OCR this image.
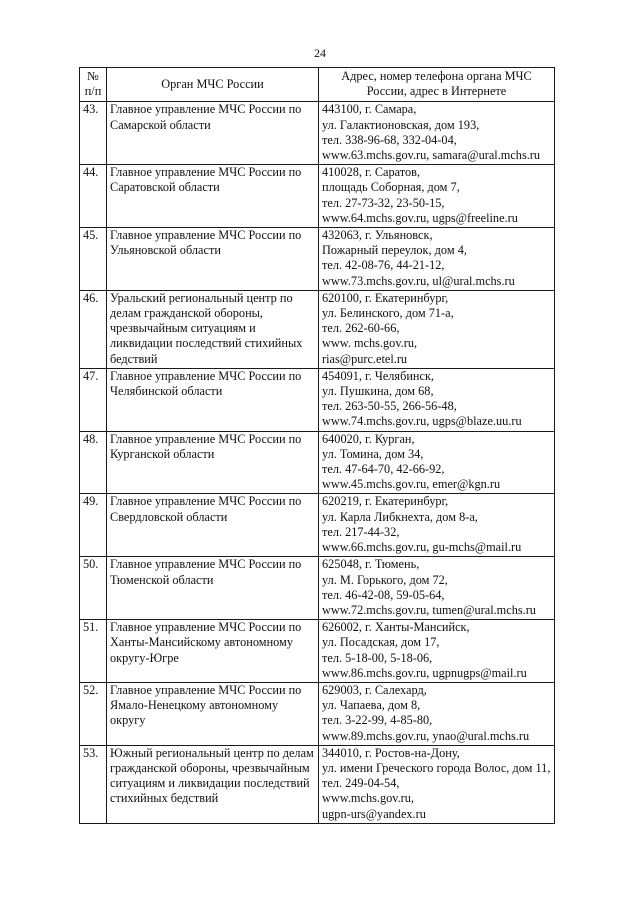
24
№
п/п	Орган МЧС России	Адрес, номер телефона органа МЧС России, адрес в Интернете
43.	Главное управление МЧС России по Самарской области	443100, г. Самара,
ул. Галактионовская, дом 193,
тел. 338-96-68, 332-04-04,
www.63.mchs.gov.ru, samara@ural.mchs.ru

44.	Главное управление МЧС России по Саратовской области	410028, г. Саратов,
площадь Соборная, дом 7,
тел. 27-73-32, 23-50-15,
www.64.mchs.gov.ru, ugps@freeline.ru

45.	Главное управление МЧС России по Ульяновской области	432063, г. Ульяновск,
Пожарный переулок, дом 4,
тел. 42-08-76, 44-21-12,
www.73.mchs.gov.ru, ul@ural.mchs.ru

46.	Уральский региональный центр по делам гражданской обороны, чрезвычайным ситуациям и ликвидации последствий стихийных бедствий	620100, г. Екатеринбург,
ул. Белинского, дом 71-а,
тел. 262-60-66,
www. mchs.gov.ru,
rias@purc.etel.ru

47.	Главное управление МЧС России по Челябинской области	454091, г. Челябинск,
ул. Пушкина, дом 68,
тел. 263-50-55, 266-56-48,
www.74.mchs.gov.ru, ugps@blaze.uu.ru

48.	Главное управление МЧС России по Курганской области	640020, г. Курган,
ул. Томина, дом 34,
тел. 47-64-70, 42-66-92,
www.45.mchs.gov.ru, emer@kgn.ru

49.	Главное управление МЧС России по Свердловской области	620219, г. Екатеринбург,
ул. Карла Либкнехта, дом 8-а,
тел. 217-44-32,
www.66.mchs.gov.ru, gu-mchs@mail.ru

50.	Главное управление МЧС России по Тюменской области	625048, г. Тюмень,
ул. М. Горького, дом 72,
тел. 46-42-08, 59-05-64,
www.72.mchs.gov.ru, tumen@ural.mchs.ru

51.	Главное управление МЧС России по Ханты-Мансийскому автономному округу-Югре	626002, г. Ханты-Мансийск,
ул. Посадская, дом 17,
тел. 5-18-00, 5-18-06,
www.86.mchs.gov.ru, ugpnugps@mail.ru

52.	Главное управление МЧС России по Ямало-Ненецкому автономному округу	629003, г. Салехард,
ул. Чапаева, дом 8,
тел. 3-22-99, 4-85-80,
www.89.mchs.gov.ru, ynao@ural.mchs.ru

53.	Южный региональный центр по делам гражданской обороны, чрезвычайным ситуациям и ликвидации последствий стихийных бедствий	344010, г. Ростов-на-Дону,
ул. имени Греческого города Волос, дом 11,
тел. 249-04-54,
www.mchs.gov.ru,
ugpn-urs@yandex.ru
